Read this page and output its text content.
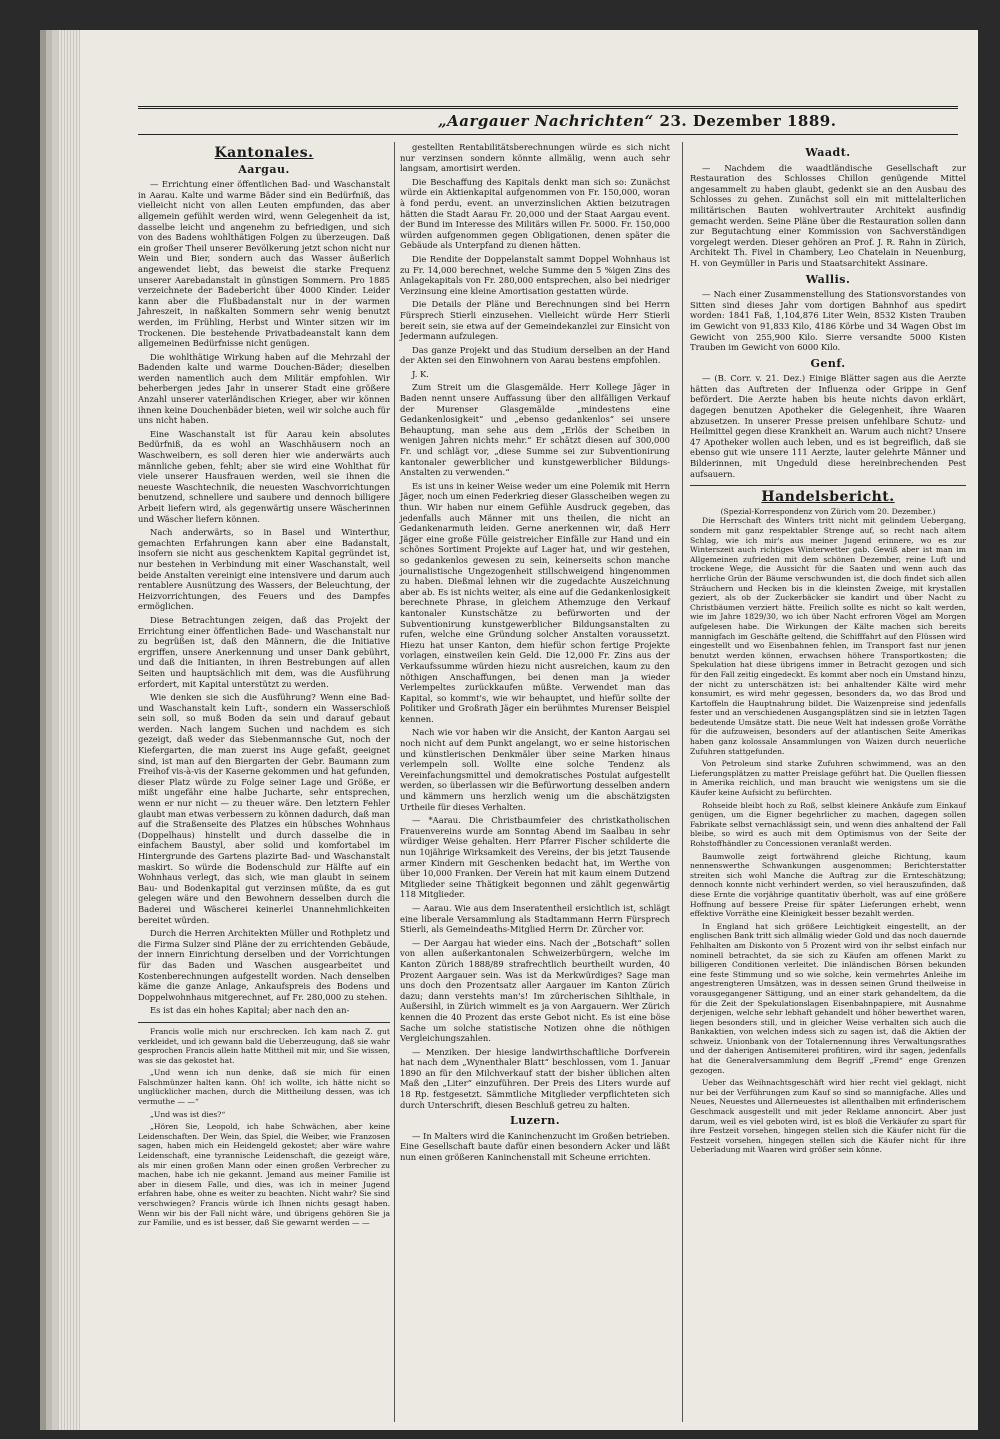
„Aargauer Nachrichten“ 23. Dezember 1889.
Kantonales.
Aargau.

— Errichtung einer öffentlichen Bad- und Waschanstalt in Aarau. Kalte und warme Bäder sind ein Bedürfniß, das vielleicht nicht von allen Leuten empfunden, das aber allgemein gefühlt werden wird, wenn Gelegenheit da ist, dasselbe leicht und angenehm zu befriedigen, und sich von des Badens wohlthätigen Folgen zu überzeugen. Daß ein großer Theil unserer Bevölkerung jetzt schon nicht nur Wein und Bier, sondern auch das Wasser äußerlich angewendet liebt, das beweist die starke Frequenz unserer Aarebadanstalt in günstigen Sommern. Pro 1885 verzeichnete der Badebericht über 4000 Kinder. Leider kann aber die Flußbadanstalt nur in der warmen Jahreszeit, in naßkalten Sommern sehr wenig benutzt werden, im Frühling, Herbst und Winter sitzen wir im Trockenen. Die bestehende Privatbadeanstalt kann dem allgemeinen Bedürfnisse nicht genügen.

Die wohlthätige Wirkung haben auf die Mehrzahl der Badenden kalte und warme Douchen-Bäder; dieselben werden namentlich auch dem Militär empfohlen. Wir beherbergen jedes Jahr in unserer Stadt eine größere Anzahl unserer vaterländischen Krieger, aber wir können ihnen keine Douchenbäder bieten, weil wir solche auch für uns nicht haben.

Eine Waschanstalt ist für Aarau kein absolutes Bedürfniß, da es wohl an Waschhäusern noch an Waschweibern, es soll deren hier wie anderwärts auch männliche geben, fehlt; aber sie wird eine Wohlthat für viele unserer Hausfrauen werden, weil sie ihnen die neueste Waschtechnik, die neuesten Waschvorrichtungen benutzend, schnellere und saubere und dennoch billigere Arbeit liefern wird, als gegenwärtig unsere Wäscherinnen und Wäscher liefern können.

Nach anderwärts, so in Basel und Winterthur, gemachten Erfahrungen kann aber eine Badanstalt, insofern sie nicht aus geschenktem Kapital gegründet ist, nur bestehen in Verbindung mit einer Waschanstalt, weil beide Anstalten vereinigt eine intensivere und darum auch rentablere Ausnützung des Wassers, der Beleuchtung, der Heizvorrichtungen, des Feuers und des Dampfes ermöglichen.

Diese Betrachtungen zeigen, daß das Projekt der Errichtung einer öffentlichen Bade- und Waschanstalt nur zu begrüßen ist, daß den Männern, die die Initiative ergriffen, unsere Anerkennung und unser Dank gebührt, und daß die Initianten, in ihren Bestrebungen auf allen Seiten und hauptsächlich mit dem, was die Ausführung erfordert, mit Kapital unterstützt zu werden.

Wie denken sie sich die Ausführung? Wenn eine Bad- und Waschanstalt kein Luft-, sondern ein Wasserschloß sein soll, so muß Boden da sein und darauf gebaut werden. Nach langem Suchen und nachdem es sich gezeigt, daß weder das Siebenmannsche Gut, noch der Kiefergarten, die man zuerst ins Auge gefaßt, geeignet sind, ist man auf den Biergarten der Gebr. Baumann zum Freihof vis-à-vis der Kaserne gekommen und hat gefunden, dieser Platz würde zu Folge seiner Lage und Größe, er mißt ungefähr eine halbe Jucharte, sehr entsprechen, wenn er nur nicht — zu theuer wäre. Den letztern Fehler glaubt man etwas verbessern zu können dadurch, daß man auf die Straßenseite des Platzes ein hübsches Wohnhaus (Doppelhaus) hinstellt und durch dasselbe die in einfachem Baustyl, aber solid und komfortabel im Hintergrunde des Gartens plazirte Bad- und Waschanstalt maskirt. So würde die Bodenschuld zur Hälfte auf ein Wohnhaus verlegt, das sich, wie man glaubt in seinem Bau- und Bodenkapital gut verzinsen müßte, da es gut gelegen wäre und den Bewohnern desselben durch die Baderei und Wäscherei keinerlei Unannehmlichkeiten bereitet würden.

Durch die Herren Architekten Müller und Rothpletz und die Firma Sulzer sind Pläne der zu errichtenden Gebäude, der innern Einrichtung derselben und der Vorrichtungen für das Baden und Waschen ausgearbeitet und Kostenberechnungen aufgestellt worden. Nach denselben käme die ganze Anlage, Ankaufspreis des Bodens und Doppelwohnhaus mitgerechnet, auf Fr. 280,000 zu stehen.

Es ist das ein hohes Kapital; aber nach den an-

Francis wolle mich nur erschrecken. Ich kam nach Z. gut verkleidet, und ich gewann bald die Ueberzeugung, daß sie wahr gesprochen Francis allein hatte Mittheil mit mir, und Sie wissen, was sie das gekostet hat.

„Und wenn ich nun denke, daß sie mich für einen Falschmünzer halten kann. Oh! ich wollte, ich hätte nicht so unglücklicher machen, durch die Mittheilung dessen, was ich vermuthe — —“

„Und was ist dies?“

„Hören Sie, Leopold, ich habe Schwächen, aber keine Leidenschaften. Der Wein, das Spiel, die Weiber, wie Franzosen sagen, haben mich ein Heidengeld gekostet; aber wäre wahre Leidenschaft, eine tyrannische Leidenschaft, die gezeigt wäre, als mir einen großen Mann oder einen großen Verbrecher zu machen, habe ich nie gekannt. Jemand aus meiner Familie ist aber in diesem Falle, und dies, was ich in meiner Jugend erfahren habe, ohne es weiter zu beachten. Nicht wahr? Sie sind verschwiegen? Francis würde ich Ihnen nichts gesagt haben. Wenn wir bis der Fall nicht wäre, und übrigens gehören Sie ja zur Familie, und es ist besser, daß Sie gewarnt werden — —

gestellten Rentabilitätsberechnungen würde es sich nicht nur verzinsen sondern könnte allmälig, wenn auch sehr langsam, amortisirt werden.

Die Beschaffung des Kapitals denkt man sich so: Zunächst würde ein Aktienkapital aufgenommen von Fr. 150,000, woran à fond perdu, event. an unverzinslichen Aktien beizutragen hätten die Stadt Aarau Fr. 20,000 und der Staat Aargau event. der Bund im Interesse des Militärs willen Fr. 5000. Fr. 150,000 würden aufgenommen gegen Obligationen, denen später die Gebäude als Unterpfand zu dienen hätten.

Die Rendite der Doppelanstalt sammt Doppel Wohnhaus ist zu Fr. 14,000 berechnet, welche Summe den 5 %igen Zins des Anlagekapitals von Fr. 280,000 entsprechen, also bei niedriger Verzinsung eine kleine Amortisation gestatten würde.

Die Details der Pläne und Berechnungen sind bei Herrn Fürsprech Stierli einzusehen. Vielleicht würde Herr Stierli bereit sein, sie etwa auf der Gemeindekanzlei zur Einsicht von Jedermann aufzulegen.

Das ganze Projekt und das Studium derselben an der Hand der Akten sei den Einwohnern von Aarau bestens empfohlen.

J. K.

Zum Streit um die Glasgemälde. Herr Kollege Jäger in Baden nennt unsere Auffassung über den allfälligen Verkauf der Murenser Glasgemälde „mindestens eine Gedankenlosigkeit“ und „ebenso gedankenlos“ sei unsere Behauptung, man sehe aus dem „Erlös der Scheiben in wenigen Jahren nichts mehr.“ Er schätzt diesen auf 300,000 Fr. und schlägt vor, „diese Summe sei zur Subventionirung kantonaler gewerblicher und kunstgewerblicher Bildungs-Anstalten zu verwenden.“

Es ist uns in keiner Weise weder um eine Polemik mit Herrn Jäger, noch um einen Federkrieg dieser Glasscheiben wegen zu thun. Wir haben nur einem Gefühle Ausdruck gegeben, das jedenfalls auch Männer mit uns theilen, die nicht an Gedankenarmuth leiden. Gerne anerkennen wir, daß Herr Jäger eine große Fülle geistreicher Einfälle zur Hand und ein schönes Sortiment Projekte auf Lager hat, und wir gestehen, so gedankenlos gewesen zu sein, keinerseits schon manche journalistische Ungezogenheit stillschweigend hingenommen zu haben. Dießmal lehnen wir die zugedachte Auszeichnung aber ab. Es ist nichts weiter, als eine auf die Gedankenlosigkeit berechnete Phrase, in gleichem Athemzuge den Verkauf kantonaler Kunstschätze zu befürworten und der Subventionirung kunstgewerblicher Bildungsanstalten zu rufen, welche eine Gründung solcher Anstalten voraussetzt. Hiezu hat unser Kanton, dem hiefür schon fertige Projekte vorlagen, einstweilen kein Geld. Die 12,000 Fr. Zins aus der Verkaufssumme würden hiezu nicht ausreichen, kaum zu den nöthigen Anschaffungen, bei denen man ja wieder Verlempeltes zurückkaufen müßte. Verwendet man das Kapital, so kommt's, wie wir behauptet, und hiefür sollte der Politiker und Großrath Jäger ein berühmtes Murenser Beispiel kennen.

Nach wie vor haben wir die Ansicht, der Kanton Aargau sei noch nicht auf dem Punkt angelangt, wo er seine historischen und künstlerischen Denkmäler über seine Marken hinaus verlempeln soll. Wollte eine solche Tendenz als Vereinfachungsmittel und demokratisches Postulat aufgestellt werden, so überlassen wir die Befürwortung desselben andern und kämmern uns herzlich wenig um die abschätzigsten Urtheile für dieses Verhalten.

— *Aarau. Die Christbaumfeier des christkatholischen Frauenvereins wurde am Sonntag Abend im Saalbau in sehr würdiger Weise gehalten. Herr Pfarrer Fischer schilderte die nun 10jährige Wirksamkeit des Vereins, der bis jetzt Tausende armer Kindern mit Geschenken bedacht hat, im Werthe von über 10,000 Franken. Der Verein hat mit kaum einem Dutzend Mitglieder seine Thätigkeit begonnen und zählt gegenwärtig 118 Mitglieder.

— Aarau. Wie aus dem Inseratentheil ersichtlich ist, schlägt eine liberale Versammlung als Stadtammann Herrn Fürsprech Stierli, als Gemeindeaths-Mitglied Herrn Dr. Zürcher vor.

— Der Aargau hat wieder eins. Nach der „Botschaft“ sollen von allen außerkantonalen Schweizerbürgern, welche im Kanton Zürich 1888/89 strafrechtlich beurtheilt wurden, 40 Prozent Aargauer sein. Was ist da Merkwürdiges? Sage man uns doch den Prozentsatz aller Aargauer im Kanton Zürich dazu; dann verstehts man's! Im zürcherischen Sihlthale, in Außersihl, in Zürich wimmelt es ja von Aargauern. Wer Zürich kennen die 40 Prozent das erste Gebot nicht. Es ist eine böse Sache um solche statistische Notizen ohne die nöthigen Vergleichungszahlen.

— Menziken. Der hiesige landwirthschaftliche Dorfverein hat nach dem „Wynenthaler Blatt“ beschlossen, vom 1. Januar 1890 an für den Milchverkauf statt der bisher üblichen alten Maß den „Liter“ einzuführen. Der Preis des Liters wurde auf 18 Rp. festgesetzt. Sämmtliche Mitglieder verpflichteten sich durch Unterschrift, diesen Beschluß getreu zu halten.

Luzern.

— In Malters wird die Kaninchenzucht im Großen betrieben. Eine Gesellschaft baute dafür einen besondern Acker und läßt nun einen größeren Kaninchenstall mit Scheune errichten.

Waadt.

— Nachdem die waadtländische Gesellschaft zur Restauration des Schlosses Chillon genügende Mittel angesammelt zu haben glaubt, gedenkt sie an den Ausbau des Schlosses zu gehen. Zunächst soll ein mit mittelalterlichen militärischen Bauten wohlvertrauter Architekt ausfindig gemacht werden. Seine Pläne über die Restauration sollen dann zur Begutachtung einer Kommission von Sachverständigen vorgelegt werden. Dieser gehören an Prof. J. R. Rahn in Zürich, Architekt Th. Fivel in Chambery, Leo Chatelain in Neuenburg, H. von Geymüller in Paris und Staatsarchitekt Assinare.

Wallis.

— Nach einer Zusammenstellung des Stationsvorstandes von Sitten sind dieses Jahr vom dortigen Bahnhof aus spedirt worden: 1841 Faß, 1,104,876 Liter Wein, 8532 Kisten Trauben im Gewicht von 91,833 Kilo, 4186 Körbe und 34 Wagen Obst im Gewicht von 255,900 Kilo. Sierre versandte 5000 Kisten Trauben im Gewicht von 6000 Kilo.

Genf.

— (B. Corr. v. 21. Dez.) Einige Blätter sagen aus die Aerzte hätten das Auftreten der Influenza oder Grippe in Genf befördert. Die Aerzte haben bis heute nichts davon erklärt, dagegen benutzen Apotheker die Gelegenheit, ihre Waaren abzusetzen. In unserer Presse preisen unfehlbare Schutz- und Heilmittel gegen diese Krankheit an. Warum auch nicht? Unsere 47 Apotheker wollen auch leben, und es ist begreiflich, daß sie ebenso gut wie unsere 111 Aerzte, lauter gelehrte Männer und Bilderinnen, mit Ungeduld diese hereinbrechenden Pest aufsauern.

Handelsbericht.
(Spezial-Korrespondenz von Zürich vom 20. Dezember.)

Die Herrschaft des Winters tritt nicht mit gelindem Uebergang, sondern mit ganz respektabler Strenge auf, so recht nach altem Schlag, wie ich mir's aus meiner Jugend erinnere, wo es zur Winterszeit auch richtiges Winterwetter gab. Gewiß aber ist man im Allgemeinen zufrieden mit dem schönen Dezember, reine Luft und trockene Wege, die Aussicht für die Saaten und wenn auch das herrliche Grün der Bäume verschwunden ist, die doch findet sich allen Sträuchern und Hecken bis in die kleinsten Zweige, mit krystallen geziert, als ob der Zuckerbäcker sie kandirt und über Nacht zu Christbäumen verziert hätte. Freilich sollte es nicht so kalt werden, wie im Jahre 1829/30, wo ich über Nacht erfroren Vögel am Morgen aufgelesen habe. Die Wirkungen der Kälte machen sich bereits mannigfach im Geschäfte geltend, die Schifffahrt auf den Flüssen wird eingestellt und wo Eisenbahnen fehlen, im Transport fast nur jenen benutzt werden können, erwachsen höhere Transportkosten; die Spekulation hat diese übrigens immer in Betracht gezogen und sich für den Fall zeitig eingedeckt. Es kommt aber noch ein Umstand hinzu, der nicht zu unterschätzen ist: bei anhaltender Kälte wird mehr konsumirt, es wird mehr gegessen, besonders da, wo das Brod und Kartoffeln die Hauptnahrung bildet. Die Waizenpreise sind jedenfalls fester und an verschiedenen Ausgangsplätzen sind sie in letzten Tagen bedeutende Umsätze statt. Die neue Welt hat indessen große Vorräthe für die aufzuweisen, besonders auf der atlantischen Seite Amerikas haben ganz kolossale Ansammlungen von Waizen durch neuerliche Zufuhren stattgefunden.

Von Petroleum sind starke Zufuhren schwimmend, was an den Lieferungsplätzen zu matter Preislage geführt hat. Die Quellen fliessen in Amerika reichlich, und man braucht wie wenigstens um sie die Käufer keine Aufsicht zu befürchten.

Rohseide bleibt hoch zu Roß, selbst kleinere Ankäufe zum Einkauf genügen, um die Eigner begehrlicher zu machen, dagegen sollen Fabrikate selbst vernachlässigt sein, und wenn dies anhaltend der Fall bleibe, so wird es auch mit dem Optimismus von der Seite der Rohstoffhändler zu Concessionen veranlaßt werden.

Baumwolle zeigt fortwährend gleiche Richtung, kaum nennenswerthe Schwankungen ausgenommen; Berichterstatter streiten sich wohl Manche die Auftrag zur die Ernteschätzung; dennoch konnte nicht verhindert werden, so viel herauszufinden, daß diese Ernte die vorjährige quantitativ überholt, was auf eine größere Hoffnung auf bessere Preise für später Lieferungen erhebt, wenn effektive Vorräthe eine Kleinigkeit besser bezahlt werden.

In England hat sich größere Leichtigkeit eingestellt, an der englischen Bank tritt sich allmälig wieder Gold und das noch dauernde Fehlhalten am Diskonto von 5 Prozent wird von ihr selbst einfach nur nominell betrachtet, da sie sich zu Käufen am offenen Markt zu billigeren Conditionen verleitet. Die inländischen Börsen bekunden eine feste Stimmung und so wie solche, kein vermehrtes Anleihe im angestrengteren Umsätzen, was in dessen seinen Grund theilweise in vorausgegangener Sättigung, und an einer stark gehandeltem, da die für die Zeit der Spekulationslagen Eisenbahnpapiere, mit Ausnahme derjenigen, welche sehr lebhaft gehandelt und höher bewerthet waren, liegen besonders still, und in gleicher Weise verhalten sich auch die Bankaktien, von welchen indess sich zu sagen ist, daß die Aktien der schweiz. Unionbank von der Totalernennung ihres Verwaltungsrathes und der daherigen Antisemiterei profitiren, wird ihr sagen, jedenfalls hat die Generalversammlung dem Begriff „Fremd“ enge Grenzen gezogen.

Ueber das Weihnachtsgeschäft wird hier recht viel geklagt, nicht nur bei der Verführungen zum Kauf so sind so mannigfache. Alles und Neues, Neuestes und Allerneuestes ist allenthalben mit erfinderischem Geschmack ausgestellt und mit jeder Reklame annoncirt. Aber just darum, weil es viel geboten wird, ist es bloß die Verkäufer zu spart für ihre Festzeit vorsehen, hingegen stellen sich die Käufer nicht für die Festzeit vorsehen, hingegen stellen sich die Käufer nicht für ihre Ueberladung mit Waaren wird größer sein könne.
